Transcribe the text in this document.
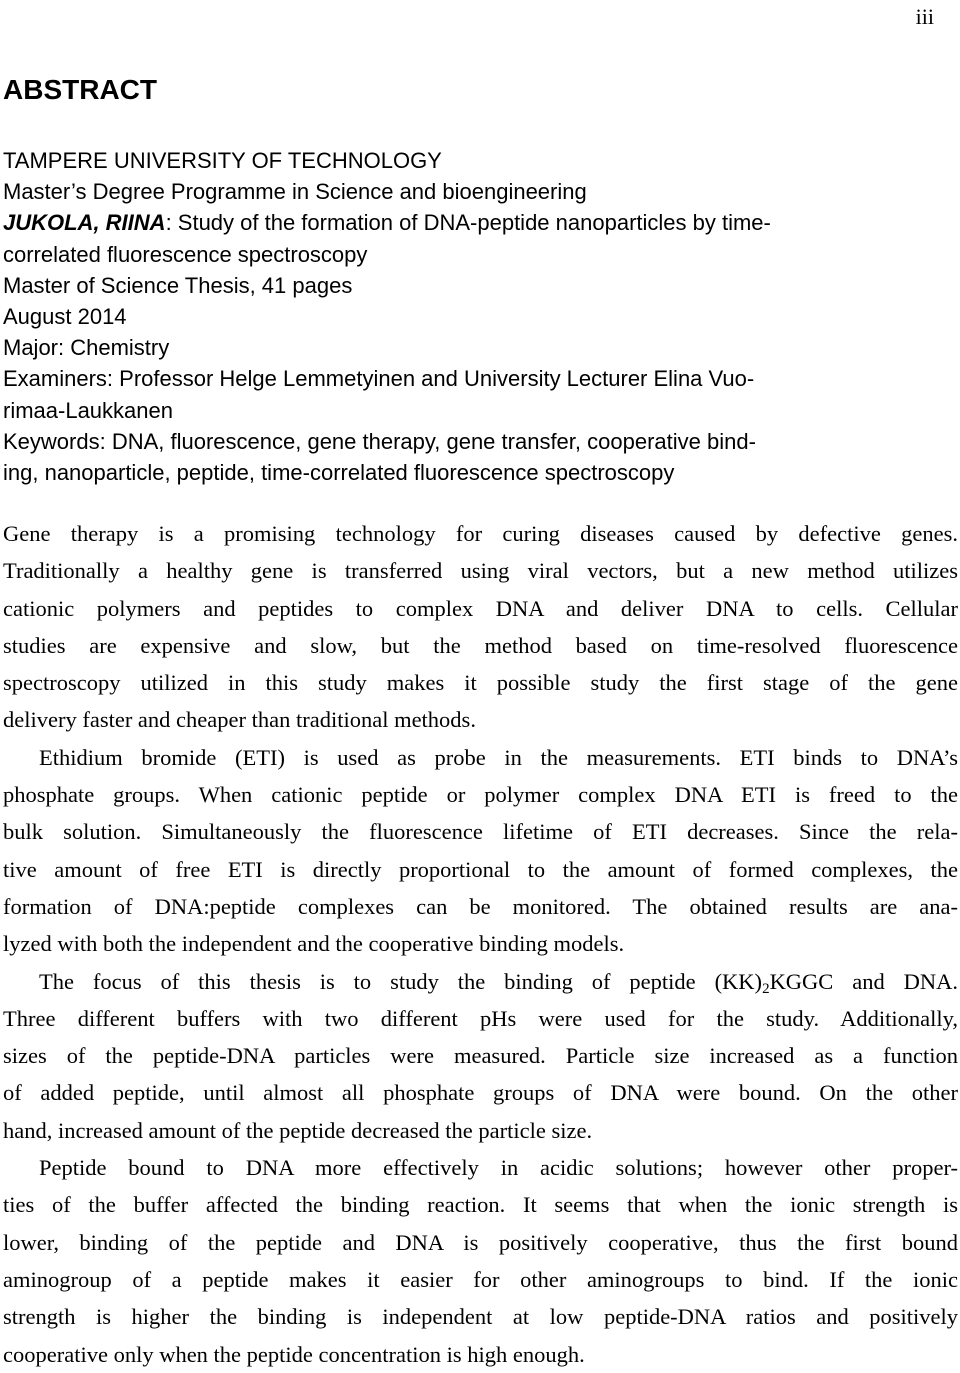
iii
ABSTRACT
TAMPERE UNIVERSITY OF TECHNOLOGY
Master’s Degree Programme in Science and bioengineering
JUKOLA, RIINA: Study of the formation of DNA-peptide nanoparticles by time-
correlated fluorescence spectroscopy
Master of Science Thesis, 41 pages
August 2014
Major: Chemistry
Examiners: Professor Helge Lemmetyinen and University Lecturer Elina Vuo-
rimaa-Laukkanen
Keywords: DNA, fluorescence, gene therapy, gene transfer, cooperative bind-
ing, nanoparticle, peptide, time-correlated fluorescence spectroscopy
Gene therapy is a promising technology for curing diseases caused by defective genes.
Traditionally a healthy gene is transferred using viral vectors, but a new method utilizes
cationic polymers and peptides to complex DNA and deliver DNA to cells. Cellular
studies are expensive and slow, but the method based on time-resolved fluorescence
spectroscopy utilized in this study makes it possible study the first stage of the gene
delivery faster and cheaper than traditional methods.
Ethidium bromide (ETI) is used as probe in the measurements. ETI binds to DNA’s
phosphate groups. When cationic peptide or polymer complex DNA ETI is freed to the
bulk solution. Simultaneously the fluorescence lifetime of ETI decreases. Since the rela-
tive amount of free ETI is directly proportional to the amount of formed complexes, the
formation of DNA:peptide complexes can be monitored. The obtained results are ana-
lyzed with both the independent and the cooperative binding models.
The focus of this thesis is to study the binding of peptide $(KK)_2KGGC$ and DNA.
Three different buffers with two different pHs were used for the study. Additionally,
sizes of the peptide-DNA particles were measured. Particle size increased as a function
of added peptide, until almost all phosphate groups of DNA were bound. On the other
hand, increased amount of the peptide decreased the particle size.
Peptide bound to DNA more effectively in acidic solutions; however other proper-
ties of the buffer affected the binding reaction. It seems that when the ionic strength is
lower, binding of the peptide and DNA is positively cooperative, thus the first bound
aminogroup of a peptide makes it easier for other aminogroups to bind. If the ionic
strength is higher the binding is independent at low peptide-DNA ratios and positively
cooperative only when the peptide concentration is high enough.
